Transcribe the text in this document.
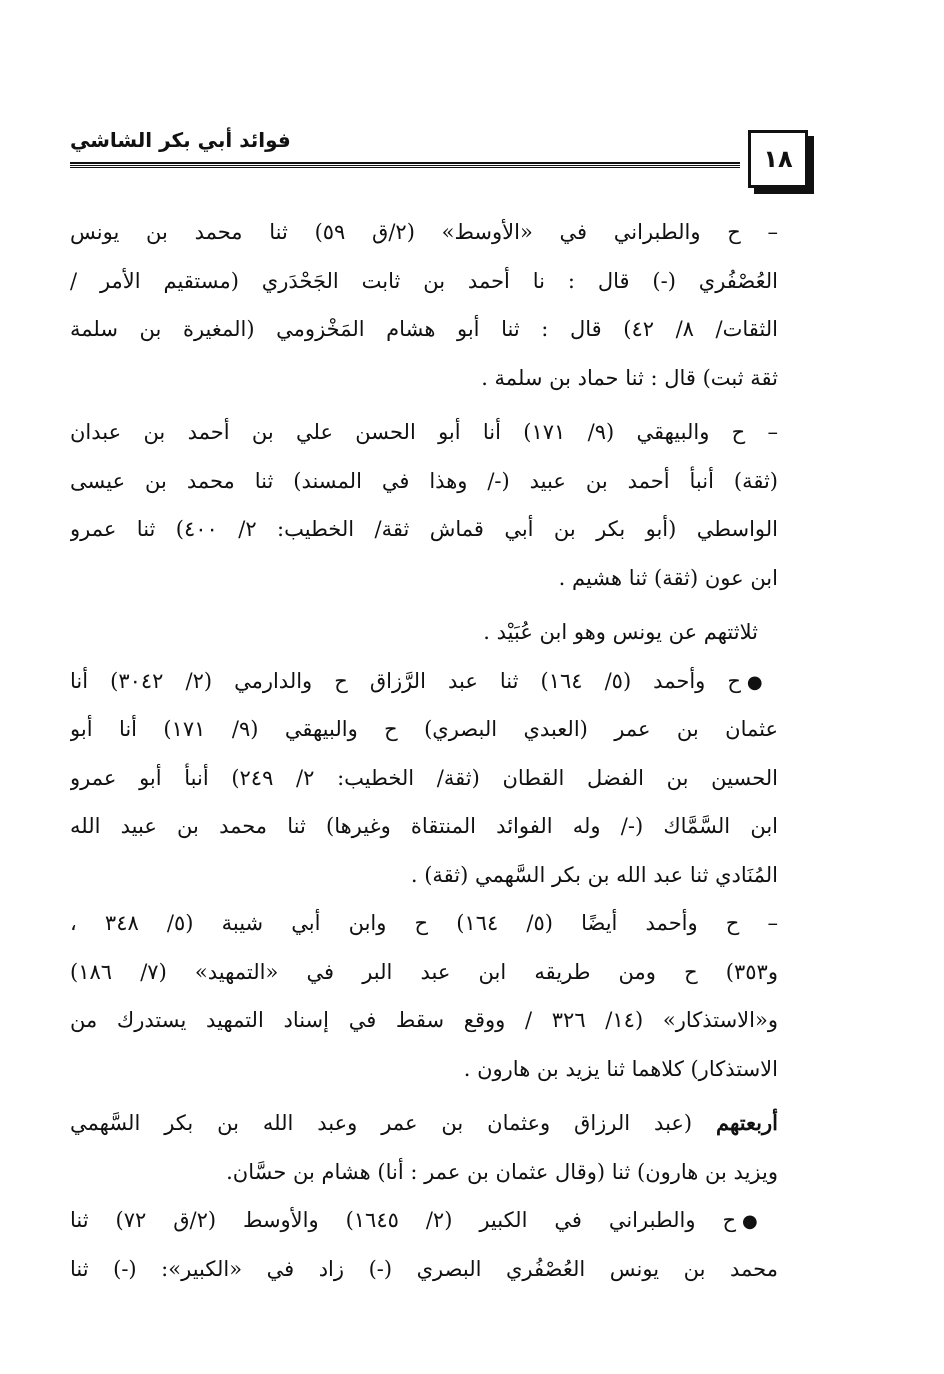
فوائد أبي بكر الشاشي
١٨
– ح والطبراني في «الأوسط» (٢/ق ٥٩) ثنا محمد بن يونس
العُصْفُري (-) قال : نا أحمد بن ثابت الجَحْدَري (مستقيم الأمر /
الثقات/ ٨/ ٤٢) قال : ثنا أبو هشام المَخْزومي (المغيرة بن سلمة
ثقة ثبت) قال : ثنا حماد بن سلمة .
– ح والبيهقي (٩/ ١٧١) أنا أبو الحسن علي بن أحمد بن عبدان
(ثقة) أنبأ أحمد بن عبيد (-/ وهذا في المسند) ثنا محمد بن عيسى
الواسطي (أبو بكر بن أبي قماش ثقة/ الخطيب: ٢/ ٤٠٠) ثنا عمرو
ابن عون (ثقة) ثنا هشيم .
ثلاثتهم عن يونس وهو ابن عُبَيْد .
●ح وأحمد (٥/ ١٦٤) ثنا عبد الرَّزاق ح والدارمي (٢/ ٣٠٤٢) أنا
عثمان بن عمر (العبدي البصري) ح والبيهقي (٩/ ١٧١) أنا أبو
الحسين بن الفضل القطان (ثقة/ الخطيب: ٢/ ٢٤٩) أنبأ أبو عمرو
ابن السَّمَّاك (-/ وله الفوائد المنتقاة وغيرها) ثنا محمد بن عبيد الله
المُنَادي ثنا عبد الله بن بكر السَّهمي (ثقة) .
– ح وأحمد أيضًا (٥/ ١٦٤) ح وابن أبي شيبة (٥/ ٣٤٨ ،
و٣٥٣) ح ومن طريقه ابن عبد البر في «التمهيد» (٧/ ١٨٦)
و«الاستذكار» (١٤/ ٣٢٦ / ووقع سقط في إسناد التمهيد يستدرك من
الاستذكار) كلاهما ثنا يزيد بن هارون .
أربعتهم (عبد الرزاق وعثمان بن عمر وعبد الله بن بكر السَّهمي
ويزيد بن هارون) ثنا (وقال عثمان بن عمر : أنا) هشام بن حسَّان.
●ح والطبراني في الكبير (٢/ ١٦٤٥) والأوسط (٢/ق ٧٢) ثنا
محمد بن يونس العُصْفُري البصري (-) زاد في «الكبير»: (-) ثنا
